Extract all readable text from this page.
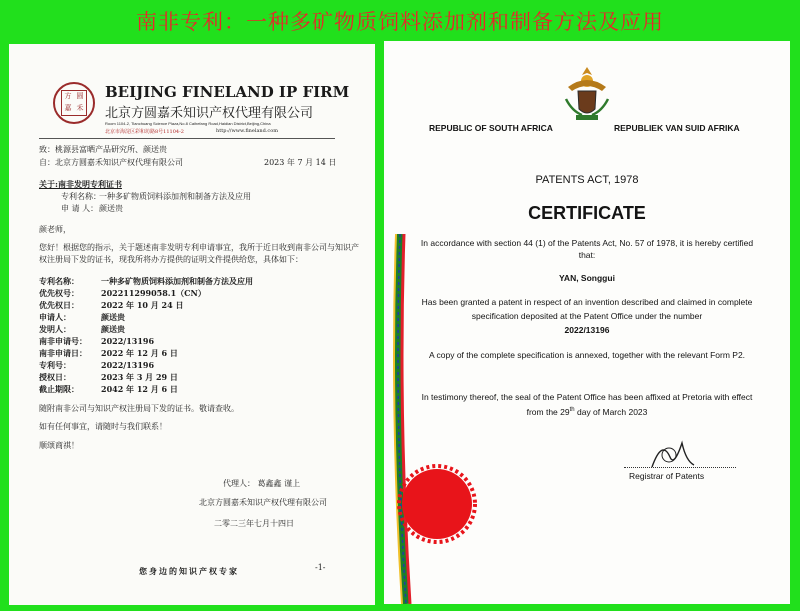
南非专利：一种多矿物质饲料添加剂和制备方法及应用
方 圆
嘉 禾
BEIJING FINELAND IP FIRM
北京方圆嘉禾知识产权代理有限公司
Room 1104-2, Tianchuang Science Plaza,No.8 Caihefang Road,Haidian District,Beijing,China
北京市海淀区彩和坊路8号11104-2	http://www.fineland.com
致：桃源县富晒产品研究所、颜送贵
自：北京方圆嘉禾知识产权代理有限公司	2023 年 7 月 14 日
关于:南非发明专利证书
专利名称：
一种多矿物质饲料添加剂和制备方法及应用
申 请 人： 颜送贵
颜老师，
您好！根据您的指示，关于题述南非发明专利申请事宜，我所于近日收到南非公司与知识产
权注册局下发的证书，现我所将办方提供的证明文件提供给您，具体如下：
专利名称：	一种多矿物质饲料添加剂和制备方法及应用
优先权号：	202211299058.1（CN）
优先权日：	2022 年 10 月 24 日
申请人：	颜送贵
发明人：	颜送贵
南非申请号： 2022/13196
南非申请日： 2022 年 12 月 6 日
专利号：	2022/13196
授权日：	2023 年 3 月 29 日
截止期限：	2042 年 12 月 6 日
随附南非公司与知识产权注册局下发的证书。敬请查收。
如有任何事宜，请随时与我们联系！
顺颂商祺！
代理人： 葛鑫鑫 谨上
北京方圆嘉禾知识产权代理有限公司
二零二三年七月十四日
您身边的知识产权专家	-1-
REPUBLIC OF SOUTH AFRICA	REPUBLIEK VAN SUID AFRIKA
PATENTS ACT, 1978
CERTIFICATE
In accordance with section 44 (1) of the Patents Act, No. 57 of 1978, it is hereby certified
that:
YAN, Songgui
Has been granted a patent in respect of an invention described and claimed in complete
specification deposited at the Patent Office under the number
2022/13196
A copy of the complete specification is annexed, together with the relevant Form P2.
In testimony thereof, the seal of the Patent Office has been affixed at Pretoria with effect
from the 29th day of March 2023
Registrar of Patents
